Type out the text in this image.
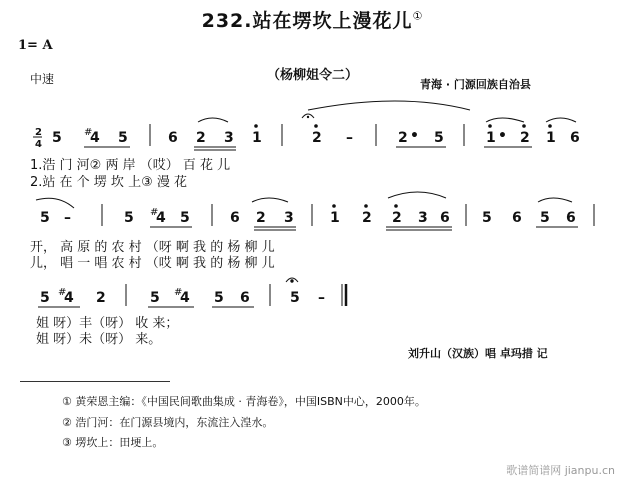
232.站在塄坎上漫花儿①
1= A
（杨柳姐令二）
中速	青海 · 门源回族自治县
2
4 5 #
4 5	6 2 3 1	2 –	2 • 5	1 • 2 1 6
5 –	5 #
4 5	6 2 3	1 2 2 3 6 5 6 5 6
5 #
4 2	5 #
4 5 6	5 –
1.浩 门 河② 两 岸 （哎） 百 花 儿
2.站 在 个 塄 坎 上③ 漫 花
开， 高 原 的 农 村 （呀 啊 我 的 杨 柳 儿
儿， 唱 一 唱 农 村 （哎 啊 我 的 杨 柳 儿
姐 呀）丰（呀） 收 来；
姐 呀）未（呀） 来。
刘升山（汉族）唱 卓玛措 记
① 黄荣恩主编：《中国民间歌曲集成 · 青海卷》，中国ISBN中心，2000年。
② 浩门河：在门源县境内，东流注入湟水。
③ 塄坎上：田埂上。
歌谱简谱网 jianpu.cn
